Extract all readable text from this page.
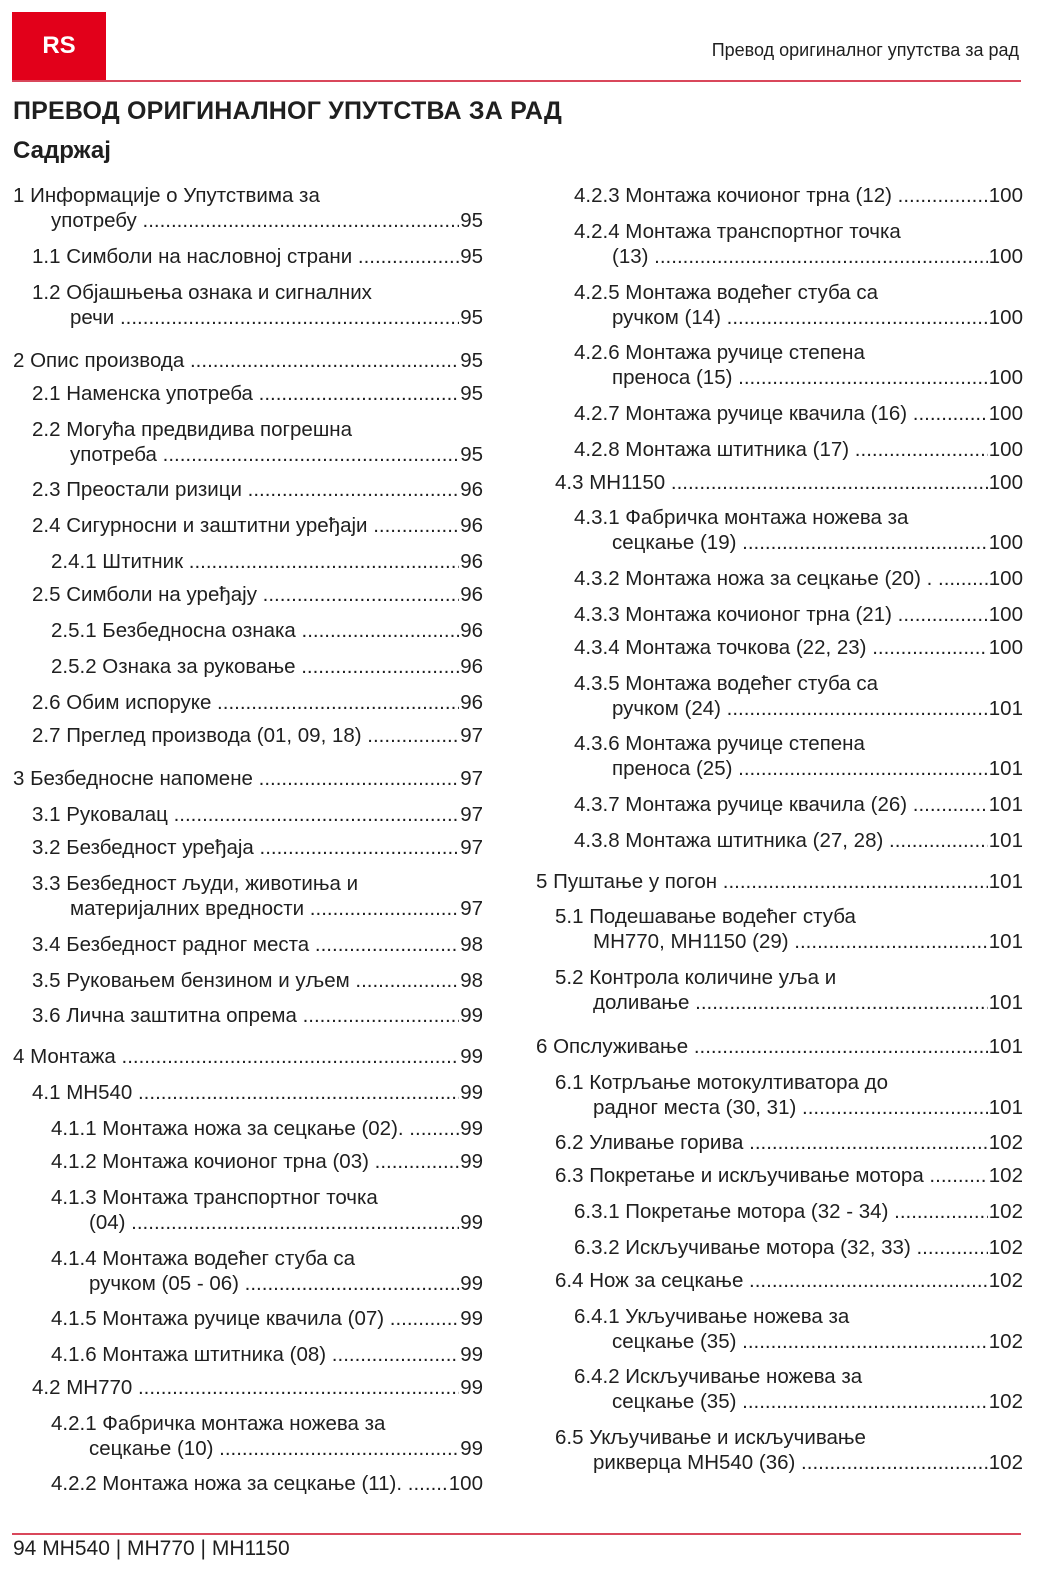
RS	Превод оригиналног упутства за рад
ПРЕВОД ОРИГИНАЛНОГ УПУТСТВА ЗА РАД
Садржај
1 Информације о Упутствима за
употребу .....	95
1.1 Симболи на насловној страни .....	95
1.2 Објашњења ознака и сигналних
речи .....	95
2 Опис производа .....	95
2.1 Наменска употреба .....	95
2.2 Могућа предвидива погрешна
употреба .....	95
2.3 Преостали ризици .....	96
2.4 Сигурносни и заштитни уређаји .....	96
2.4.1 Штитник .....	96
2.5 Симболи на уређају .....	96
2.5.1 Безбедносна ознака .....	96
2.5.2 Ознака за руковање .....	96
2.6 Обим испоруке .....	96
2.7 Преглед производа (01, 09, 18) .....	97
3 Безбедносне напомене .....	97
3.1 Руковалац .....	97
3.2 Безбедност уређаја .....	97
3.3 Безбедност људи, животиња и
материјалних вредности .....	97
3.4 Безбедност радног места .....	98
3.5 Руковањем бензином и уљем .....	98
3.6 Лична заштитна опрема .....	99
4 Монтажа .....	99
4.1 MH540 .....	99
4.1.1 Монтажа ножа за сецкање (02). .....	99
4.1.2 Монтажа кочионог трна (03) .....	99
4.1.3 Монтажа транспортног точка
(04) .....	99
4.1.4 Монтажа водећег стуба са
ручком (05 - 06) .....	99
4.1.5 Монтажа ручице квачила (07) .....	99
4.1.6 Монтажа штитника (08) .....	99
4.2 MH770 .....	99
4.2.1 Фабричка монтажа ножева за
сецкање (10) .....	99
4.2.2 Монтажа ножа за сецкање (11). .....	100
4.2.3 Монтажа кочионог трна (12) .....	100
4.2.4 Монтажа транспортног точка
(13) .....	100
4.2.5 Монтажа водећег стуба са
ручком (14) .....	100
4.2.6 Монтажа ручице степена
преноса (15) .....	100
4.2.7 Монтажа ручице квачила (16) .....	100
4.2.8 Монтажа штитника (17) .....	100
4.3 MH1150 .....	100
4.3.1 Фабричка монтажа ножева за
сецкање (19) .....	100
4.3.2 Монтажа ножа за сецкање (20) . .....	100
4.3.3 Монтажа кочионог трна (21) .....	100
4.3.4 Монтажа точкова (22, 23) .....	100
4.3.5 Монтажа водећег стуба са
ручком (24) .....	101
4.3.6 Монтажа ручице степена
преноса (25) .....	101
4.3.7 Монтажа ручице квачила (26) .....	101
4.3.8 Монтажа штитника (27, 28) .....	101
5 Пуштање у погон .....	101
5.1 Подешавање водећег стуба
MH770, MH1150 (29) .....	101
5.2 Контрола количине уља и
доливање .....	101
6 Опслуживање .....	101
6.1 Котрљање мотокултиватора до
радног места (30, 31) .....	101
6.2 Уливање горива .....	102
6.3 Покретање и искључивање мотора .....	102
6.3.1 Покретање мотора (32 - 34) .....	102
6.3.2 Искључивање мотора (32, 33) .....	102
6.4 Нож за сецкање .....	102
6.4.1 Укључивање ножева за
сецкање (35) .....	102
6.4.2 Искључивање ножева за
сецкање (35) .....	102
6.5 Укључивање и искључивање
рикверца MH540 (36) .....	102
94 MH540 | MH770 | MH1150
